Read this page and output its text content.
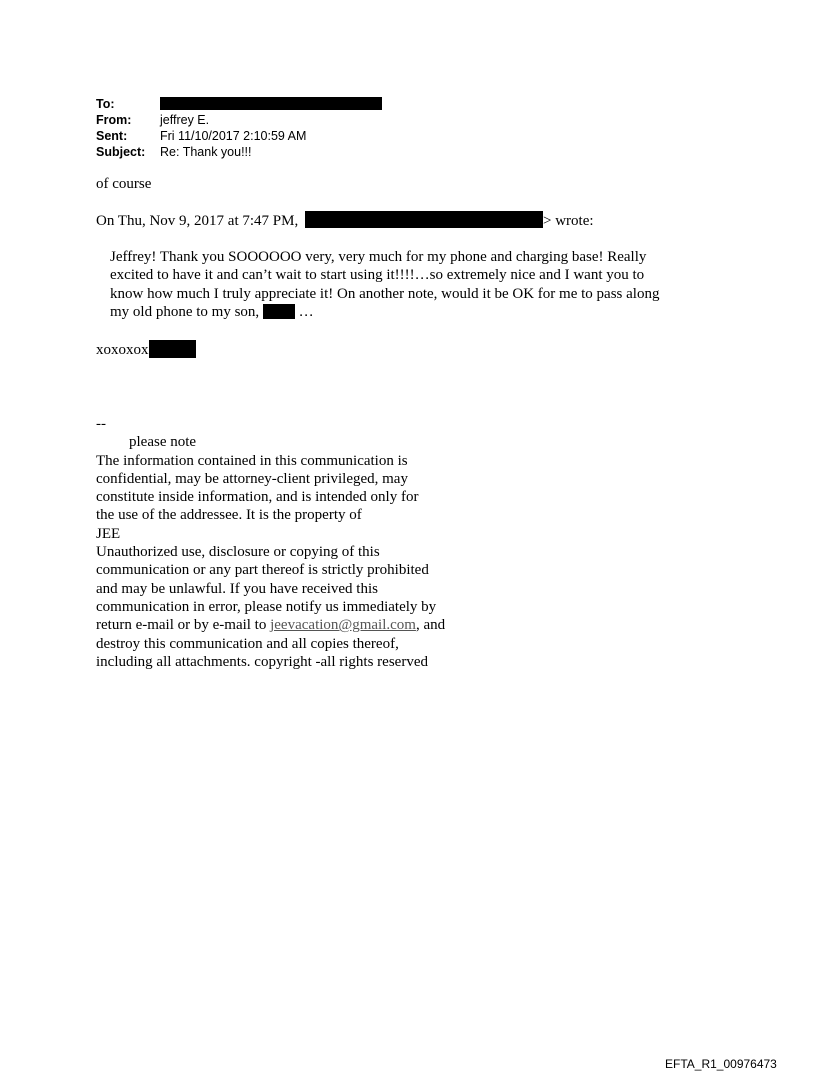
To:
From:	jeffrey E.
Sent:	Fri 11/10/2017 2:10:59 AM
Subject:	Re: Thank you!!!
of course
On Thu, Nov 9, 2017 at 7:47 PM,	> wrote:
Jeffrey! Thank you SOOOOOO very, very much for my phone and charging base! Really
excited to have it and can’t wait to start using it!!!!…so extremely nice and I want you to
know how much I truly appreciate it! On another note, would it be OK for me to pass along
my old phone to my son,  …
xoxoxox
--
please note
The information contained in this communication is
confidential, may be attorney-client privileged, may
constitute inside information, and is intended only for
the use of the addressee. It is the property of
JEE
Unauthorized use, disclosure or copying of this
communication or any part thereof is strictly prohibited
and may be unlawful. If you have received this
communication in error, please notify us immediately by
return e-mail or by e-mail to jeevacation@gmail.com, and
destroy this communication and all copies thereof,
including all attachments. copyright -all rights reserved
EFTA_R1_00976473
